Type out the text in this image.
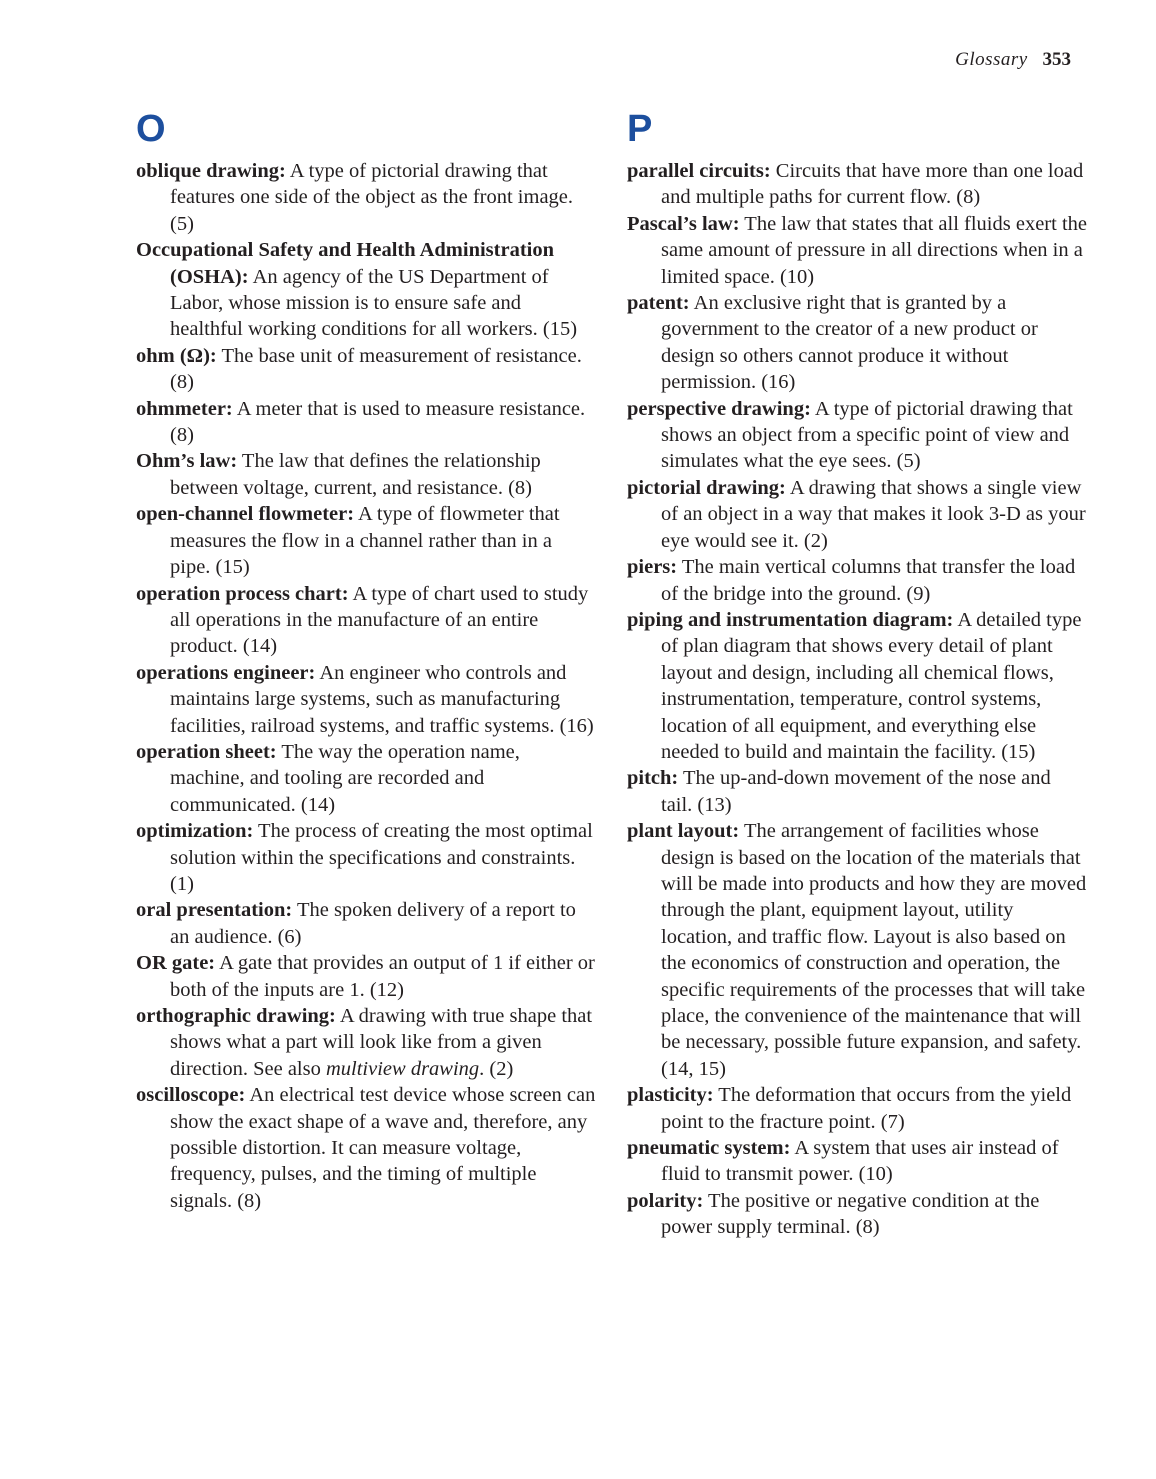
Glossary 353
O

oblique drawing: A type of pictorial drawing that features one side of the object as the front image. (5)

Occupational Safety and Health Administration (OSHA): An agency of the US Department of Labor, whose mission is to ensure safe and healthful working conditions for all workers. (15)

ohm (Ω): The base unit of measurement of resistance. (8)

ohmmeter: A meter that is used to measure resistance. (8)

Ohm’s law: The law that defines the relationship between voltage, current, and resistance. (8)

open-channel flowmeter: A type of flowmeter that measures the flow in a channel rather than in a pipe. (15)

operation process chart: A type of chart used to study all operations in the manufacture of an entire product. (14)

operations engineer: An engineer who controls and maintains large systems, such as manufacturing facilities, railroad systems, and traffic systems. (16)

operation sheet: The way the operation name, machine, and tooling are recorded and communicated. (14)

optimization: The process of creating the most optimal solution within the specifications and constraints. (1)

oral presentation: The spoken delivery of a report to an audience. (6)

OR gate: A gate that provides an output of 1 if either or both of the inputs are 1. (12)

orthographic drawing: A drawing with true shape that shows what a part will look like from a given direction. See also multiview drawing. (2)

oscilloscope: An electrical test device whose screen can show the exact shape of a wave and, therefore, any possible distortion. It can measure voltage, frequency, pulses, and the timing of multiple signals. (8)

P

parallel circuits: Circuits that have more than one load and multiple paths for current flow. (8)

Pascal’s law: The law that states that all fluids exert the same amount of pressure in all directions when in a limited space. (10)

patent: An exclusive right that is granted by a government to the creator of a new product or design so others cannot produce it without permission. (16)

perspective drawing: A type of pictorial drawing that shows an object from a specific point of view and simulates what the eye sees. (5)

pictorial drawing: A drawing that shows a single view of an object in a way that makes it look 3-D as your eye would see it. (2)

piers: The main vertical columns that transfer the load of the bridge into the ground. (9)

piping and instrumentation diagram: A detailed type of plan diagram that shows every detail of plant layout and design, including all chemical flows, instrumentation, temperature, control systems, location of all equipment, and everything else needed to build and maintain the facility. (15)

pitch: The up-and-down movement of the nose and tail. (13)

plant layout: The arrangement of facilities whose design is based on the location of the materials that will be made into products and how they are moved through the plant, equipment layout, utility location, and traffic flow. Layout is also based on the economics of construction and operation, the specific requirements of the processes that will take place, the convenience of the maintenance that will be necessary, possible future expansion, and safety. (14, 15)

plasticity: The deformation that occurs from the yield point to the fracture point. (7)

pneumatic system: A system that uses air instead of fluid to transmit power. (10)

polarity: The positive or negative condition at the power supply terminal. (8)
